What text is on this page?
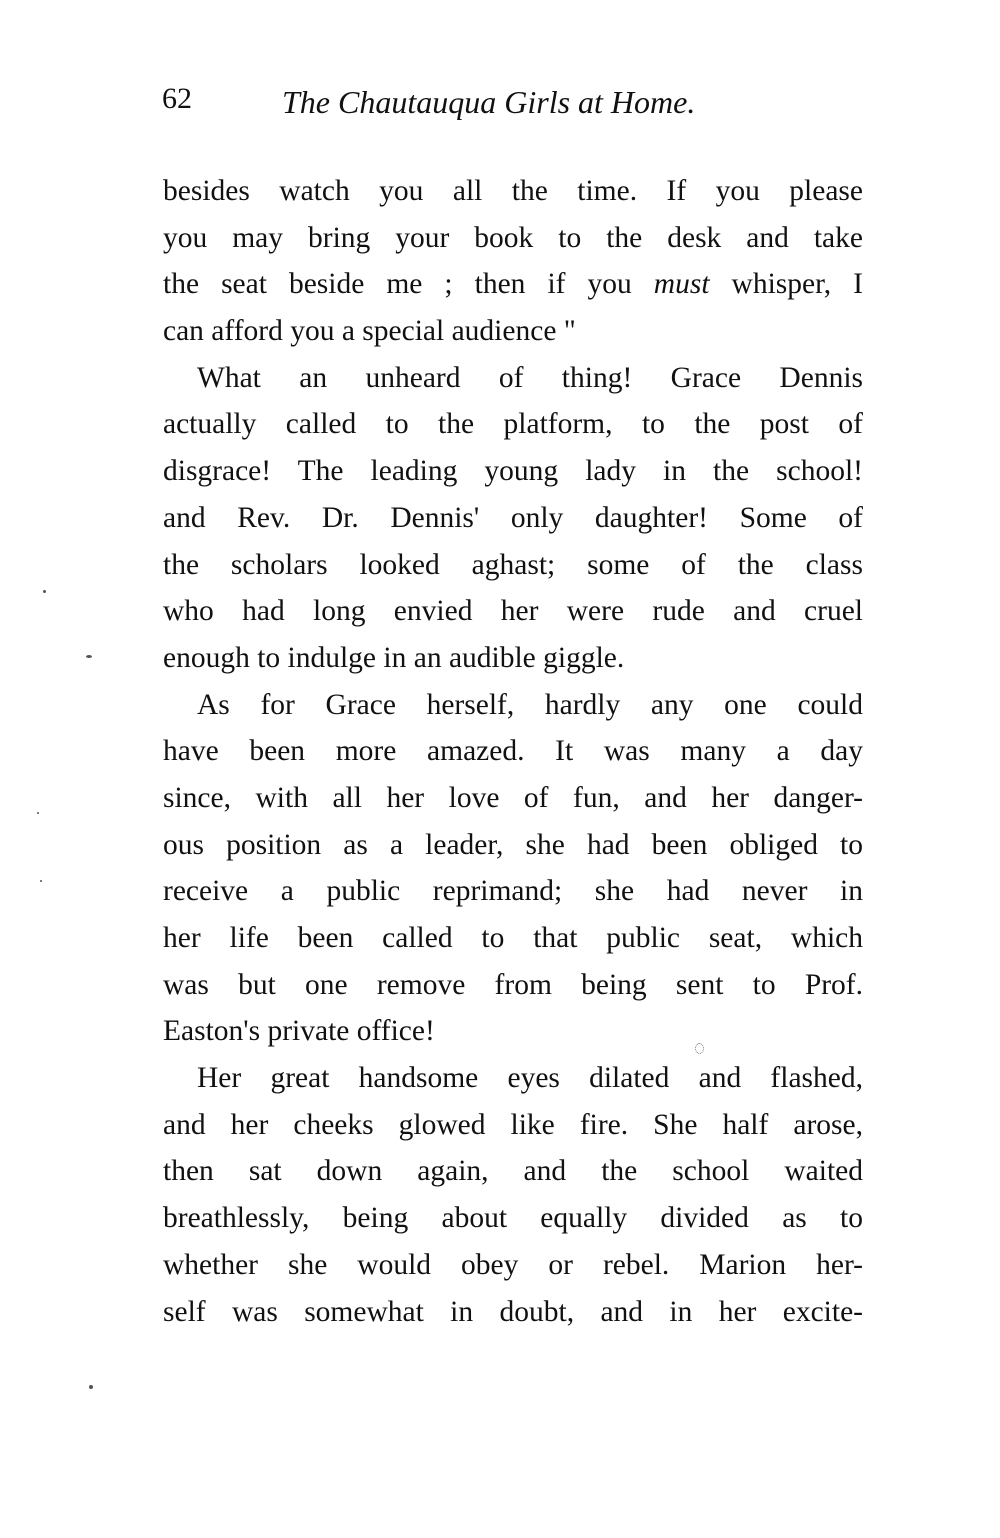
62	The Chautauqua Girls at Home.
besides watch you all the time. If you please
you may bring your book to the desk and take
the seat beside me ; then if you must whisper, I
can afford you a special audience "
What an unheard of thing! Grace Dennis
actually called to the platform, to the post of
disgrace! The leading young lady in the school!
and Rev. Dr. Dennis' only daughter! Some of
the scholars looked aghast; some of the class
who had long envied her were rude and cruel
enough to indulge in an audible giggle.
As for Grace herself, hardly any one could
have been more amazed. It was many a day
since, with all her love of fun, and her danger-
ous position as a leader, she had been obliged to
receive a public reprimand; she had never in
her life been called to that public seat, which
was but one remove from being sent to Prof.
Easton's private office!
Her great handsome eyes dilated and flashed,
and her cheeks glowed like fire. She half arose,
then sat down again, and the school waited
breathlessly, being about equally divided as to
whether she would obey or rebel. Marion her-
self was somewhat in doubt, and in her excite-
